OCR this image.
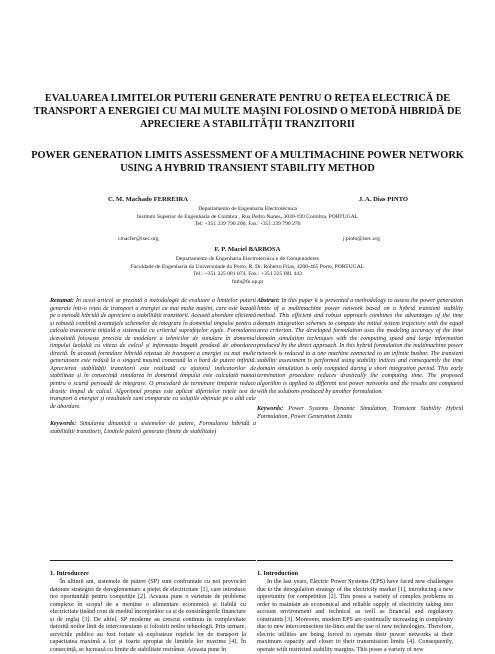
EVALUAREA LIMITELOR PUTERII GENERATE PENTRU O REȚEA ELECTRICĂ DE TRANSPORT A ENERGIEI CU MAI MULTE MAȘINI FOLOSIND O METODĂ HIBRIDĂ DE APRECIERE A STABILITĂȚII TRANZITORII
POWER GENERATION LIMITS ASSESSMENT OF A MULTIMACHINE POWER NETWORK USING A HYBRID TRANSIENT STABILITY METHOD
C. M. Machado FERREIRA	J. A. Dias PINTO
Departamento de Engenharia Electrotécnica
Instituto Superior de Engenharia de Coimbra , Rua Pedro Nunes, 3030-199 Coimbra, PORTUGAL
Tel: +351 239 790 200, Fax: +351 239 790 270
cmacfer@isec.org	j.pinto@isec.org
F. P. Maciel BARBOSA
Departamento de Engenharia Electrotécnica e de Computadores
Faculdade de Engenharia da Universidade do Porto, R. Dr. Roberto Frias, 4200-465 Porto, PORTUGAL
Tel.: +351 225 081 874, Fax.: +351 225 081 443
fmb@fe.up.pt

Rezumat: În acest articol se prezintă o metodologie de evaluare a limitelor puterii generate într-o rețea de transport a energiei cu mai multe mașini, care este bazată pe o metodă hibridă de apreciere a stabilității tranzitorii. Această abordare eficientă și robustă combină avantajele schemelor de integrare în domeniul timpului pentru a calcula traiectoria inițială a sistemului cu criteriul suprafețelor egale. Formularea dezvoltată folosește precizia de modelare a tehnicilor de simulare în domeniul timpului luolaltă cu viteza de calcul și informația bogată produsă de abordarea directă. În această formulare hibridă rețeaua de transport a energiei cu mai multe generatoare este redusă la o singură mașină conectată la o bară de putere infinită. Aprecierea stabilității tranzitorii este realizată cu ajutorul indicatorilor de stabilitate și în consecință simularea în domeniul timpului este calculată numai pentru o scurtă perioadă de integrare. O procedură de terminare timpurie reduce drastic timpul de calcul. Algoritmul propus este aplicat diferitelor rețele test de transport a energiei și rezultatele sunt comparate cu soluțiile obținute pe o altă cale de abordare.

Keywords: Simularea dinamică a sistemelor de putere, Formularea hibridă a stabilității tranzitorii, Limitele puterii generate (limite de stabilitate)

Abstract: In this paper it is presented a methodology to assess the power generation limits of a multimachine power network based on a hybrid transient stability method. This efficient and robust approach combines the advantages of the time domain integration schemes to compute the initial system trajectory with the equal area criterion. The developed formulation uses the modeling accuracy of the time domain simulation techniques with the computing speed and large information produced by the direct approach. In this hybrid formulation the multimachine power network is reduced to a one machine connected to an infinite busbar. The transient stability assessment is performed using stability indices and consequently the time domain simulation is only computed during a short integration period. This early termination procedure reduces drastically the computing time. The proposed algorithm is applied to different test power networks and the results are compared with the solutions produced by another formulation.

Keywords: Power Systems Dynamic Simulation, Transient Stability Hybrid Formulation, Power Generation Limits

1. Introducere	1. Introduction
În ultimii ani, sistemele de putere (SP) sunt confruntate cu noi provocări datorate strategiei de dereglementare a pieței de electricitate [1], care introduce noi oportunități pentru competiție [2]. Aceasta pune o varietate de probleme complexe în scopul de a menține o alimentare economică și fiabilă cu electricitate ținând cont de mediul înconjurător ca și de constrângerile financiare și de reglaj [3]. De altfel, SP moderne au crescut continuu în complexitate datorită noilor linii de interconexiune și folosirii noilor tehnologii. Prin urmare, serviciile publice au fost forțate să exploateze rețelele lor de transport la capacitatea maximă a lor și foarte apropiat de limitele lor maxime [4]. În consecință, se lucrează cu limite de stabilitate restrânse. Aceasta pune în
In the last years, Electric Power Systems (EPS) have faced new challenges due to the deregulation strategy of the electricity market [1], introducing a new opportunity for competition [2]. This poses a variety of complex problems in order to maintain an economical and reliable supply of electricity taking into account environment and technical as well as financial and regulatory constraints [3]. Moreover, modern EPS are continually increasing in complexity due to new interconnection tie-lines and the use of new technologies. Therefore, electric utilities are being forced to operate their power networks at their maximum capacity and closer to their transmission limits [4]. Consequently, operate with restricted stability margins. This poses a variety of new
